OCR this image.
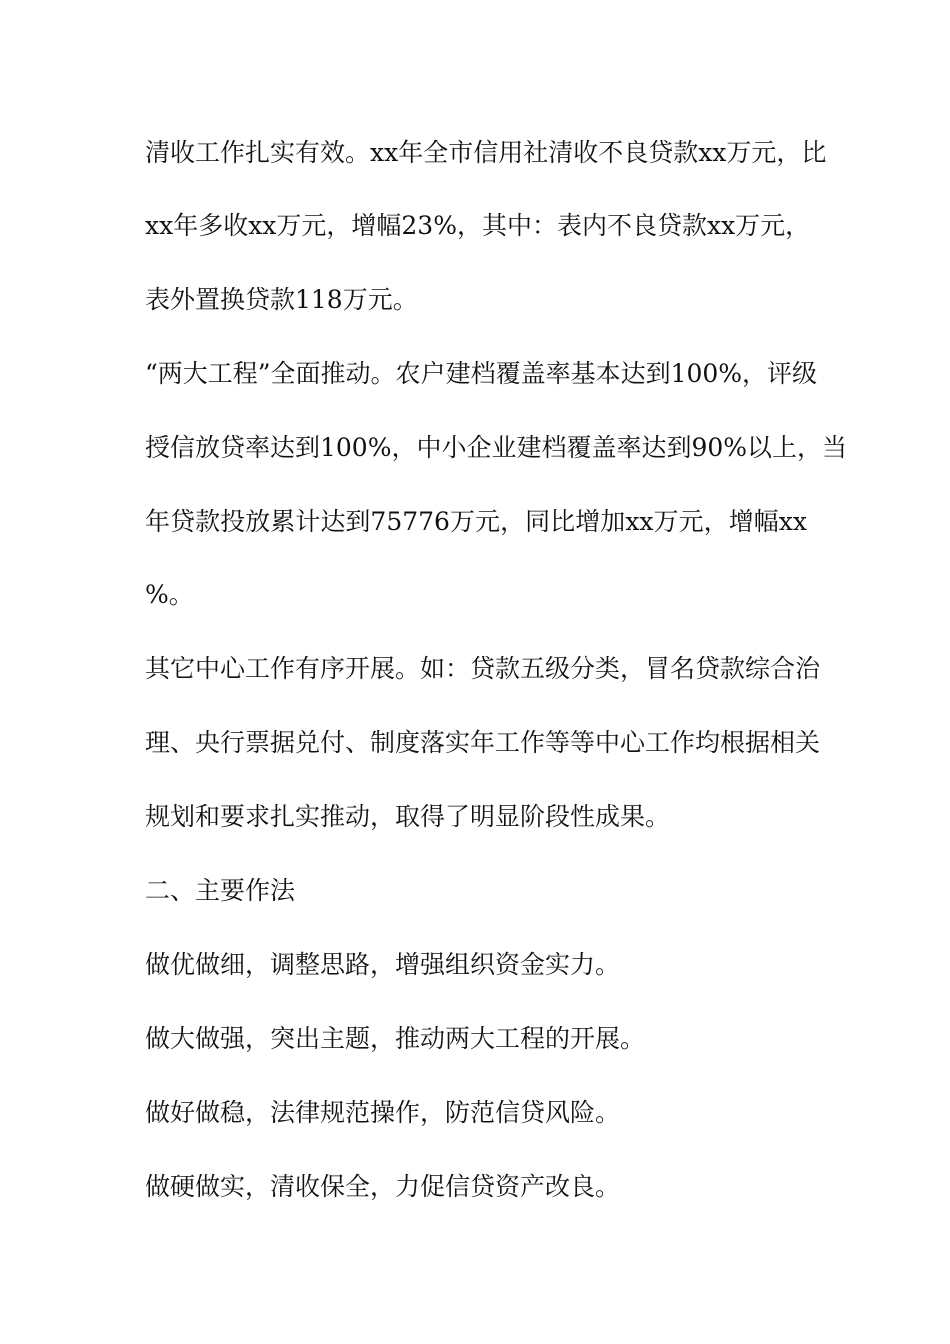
清收工作扎实有效。xx年全市信用社清收不良贷款xx万元，比

xx年多收xx万元，增幅23%，其中：表内不良贷款xx万元，

表外置换贷款118万元。

“两大工程”全面推动。农户建档覆盖率基本达到100%，评级

授信放贷率达到100%，中小企业建档覆盖率达到90%以上，当

年贷款投放累计达到75776万元，同比增加xx万元，增幅xx

%。

其它中心工作有序开展。如：贷款五级分类，冒名贷款综合治

理、央行票据兑付、制度落实年工作等等中心工作均根据相关

规划和要求扎实推动，取得了明显阶段性成果。

二、主要作法

做优做细，调整思路，增强组织资金实力。

做大做强，突出主题，推动两大工程的开展。

做好做稳，法律规范操作，防范信贷风险。

做硬做实，清收保全，力促信贷资产改良。
